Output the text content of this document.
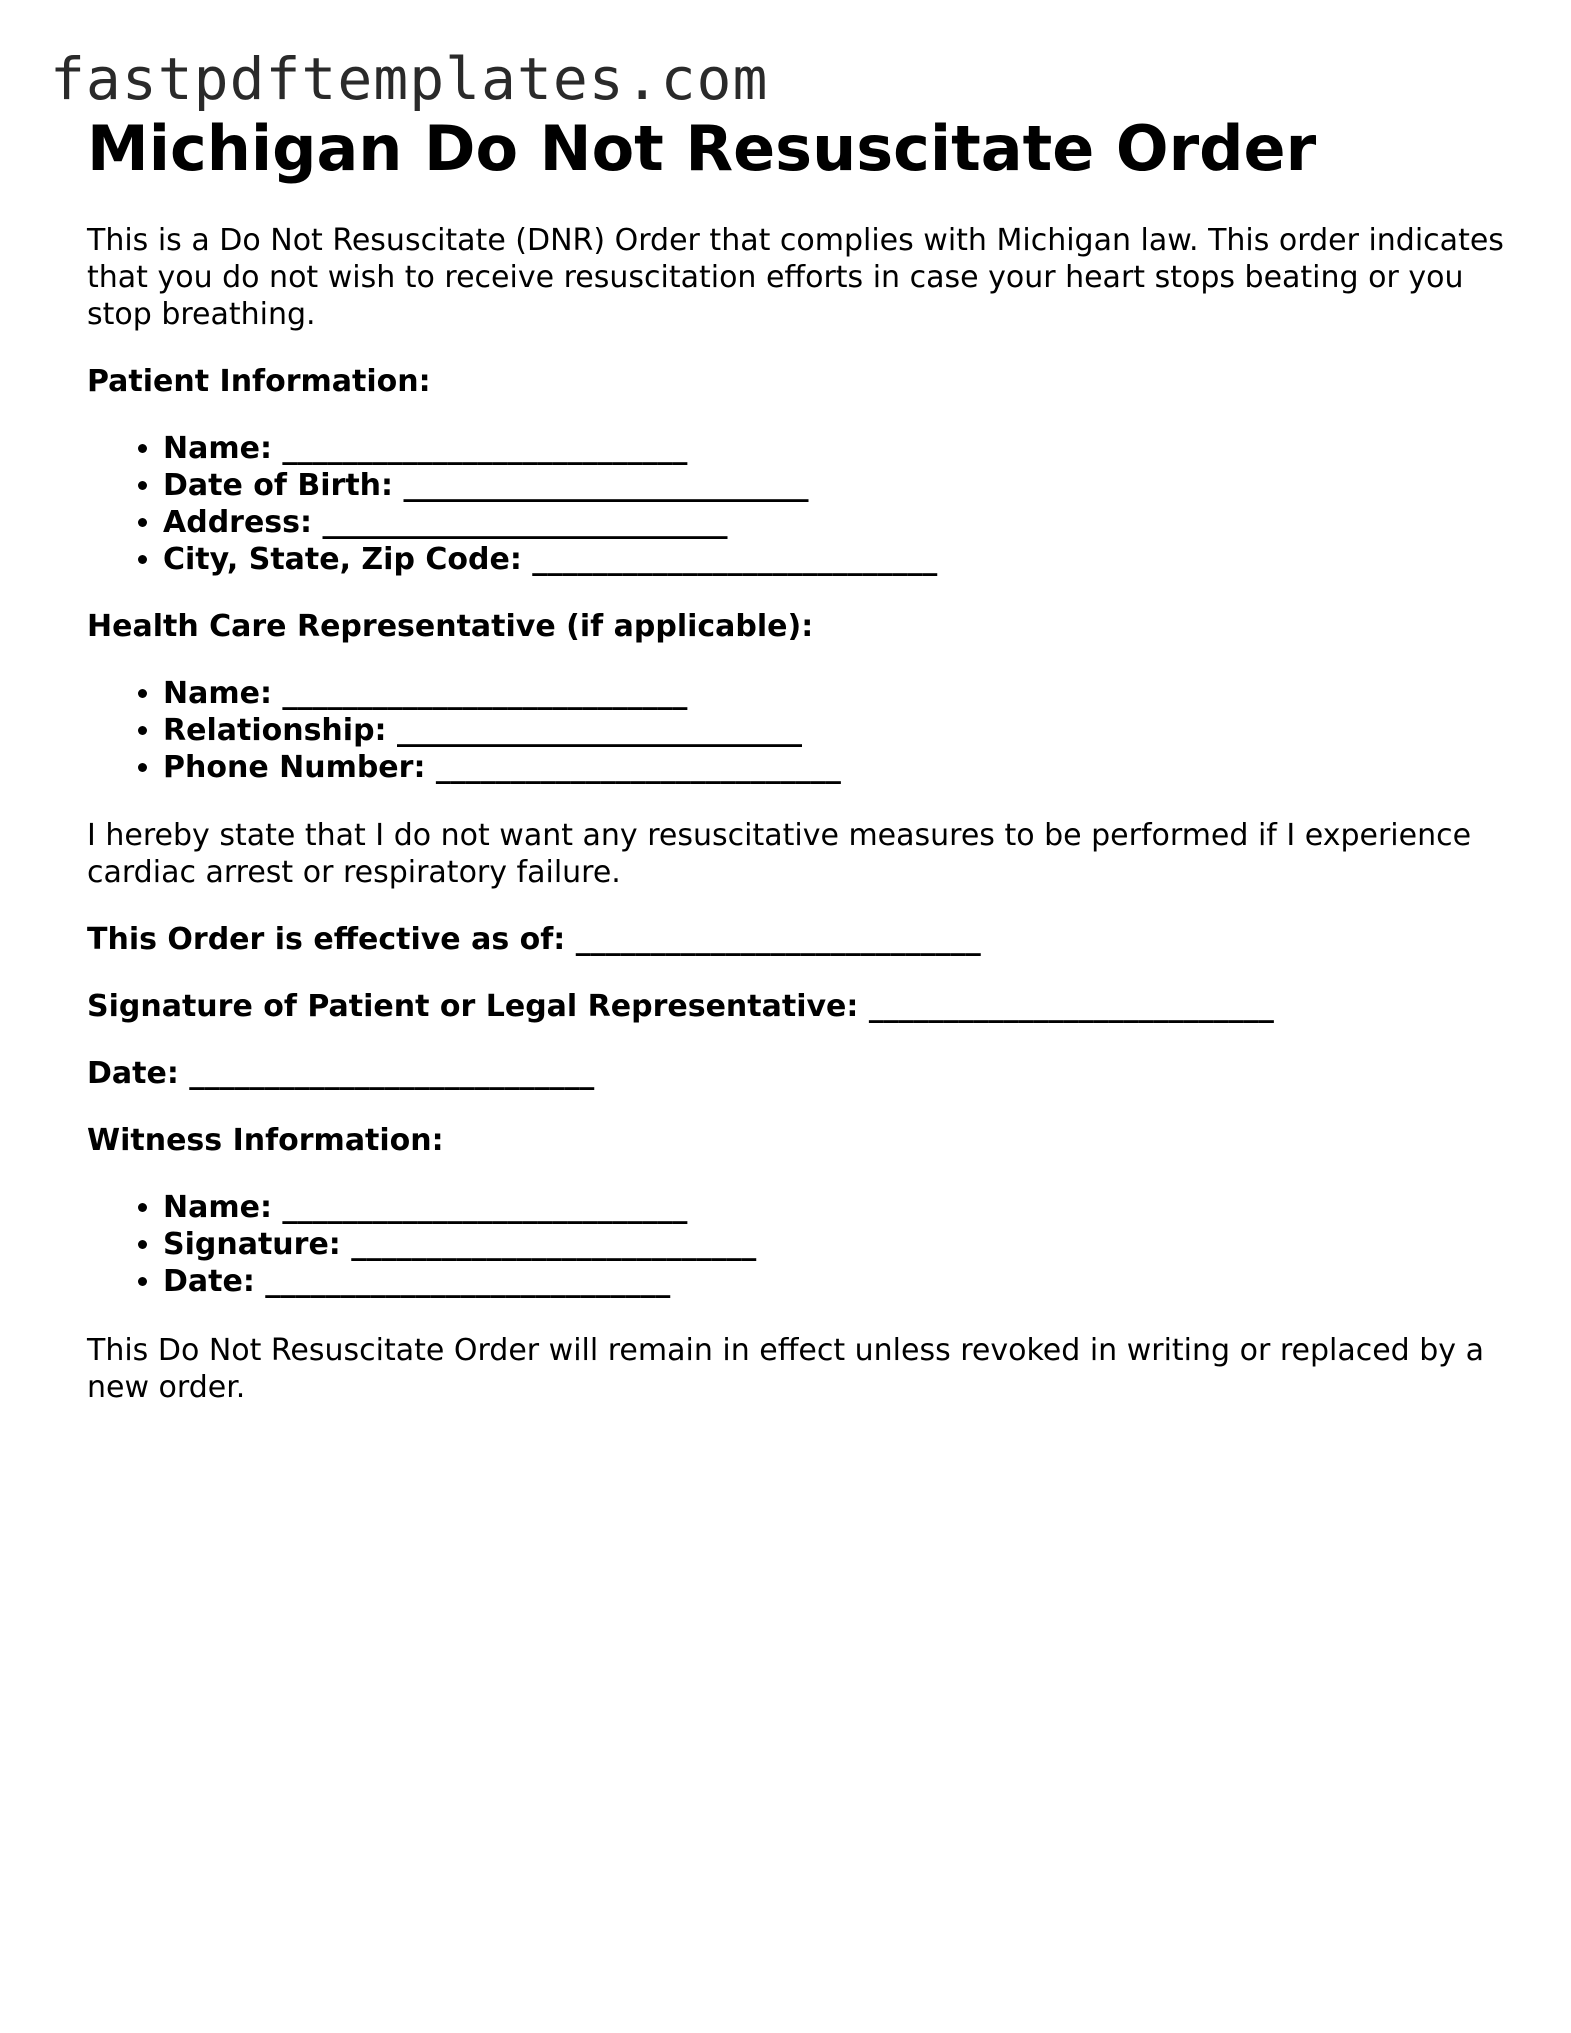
fastpdftemplates.com
Michigan Do Not Resuscitate Order

This is a Do Not Resuscitate (DNR) Order that complies with Michigan law. This order indicates that you do not wish to receive resuscitation efforts in case your heart stops beating or you stop breathing.

Patient Information:

• Name: ___________________________
• Date of Birth: ___________________________
• Address: ___________________________
• City, State, Zip Code: ___________________________

Health Care Representative (if applicable):

• Name: ___________________________
• Relationship: ___________________________
• Phone Number: ___________________________

I hereby state that I do not want any resuscitative measures to be performed if I experience cardiac arrest or respiratory failure.

This Order is effective as of: ___________________________

Signature of Patient or Legal Representative: ___________________________

Date: ___________________________

Witness Information:

• Name: ___________________________
• Signature: ___________________________
• Date: ___________________________

This Do Not Resuscitate Order will remain in effect unless revoked in writing or replaced by a new order.
